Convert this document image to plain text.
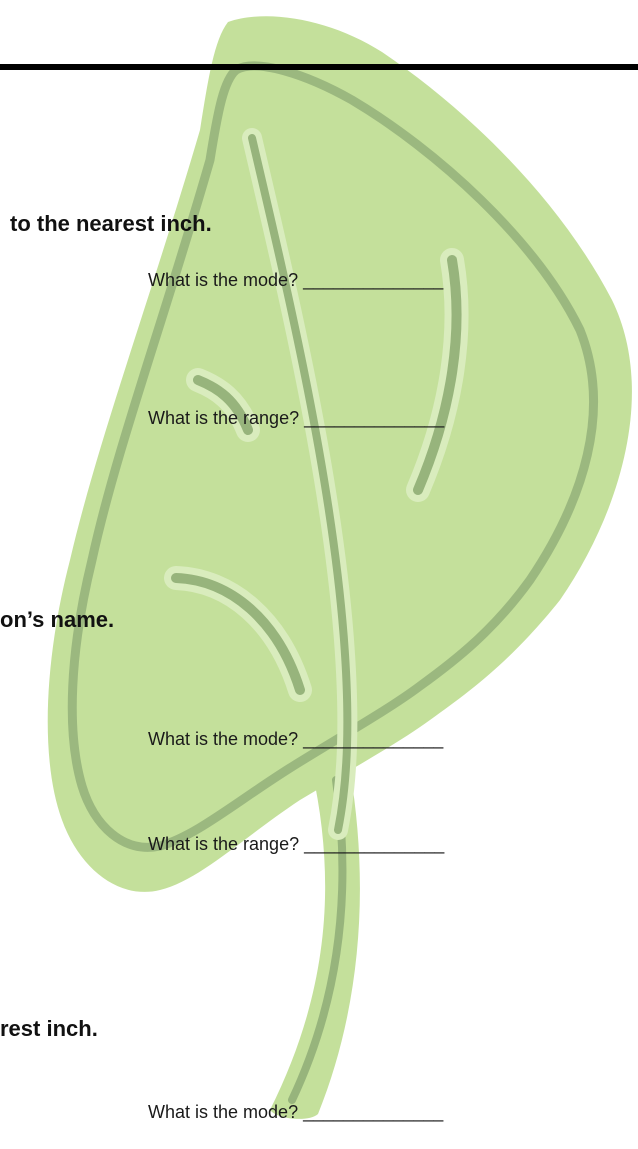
to the nearest inch.
What is the mode? ______________
What is the range? ______________
on’s name.
What is the mode? ______________
What is the range? ______________
rest inch.
What is the mode? ______________
